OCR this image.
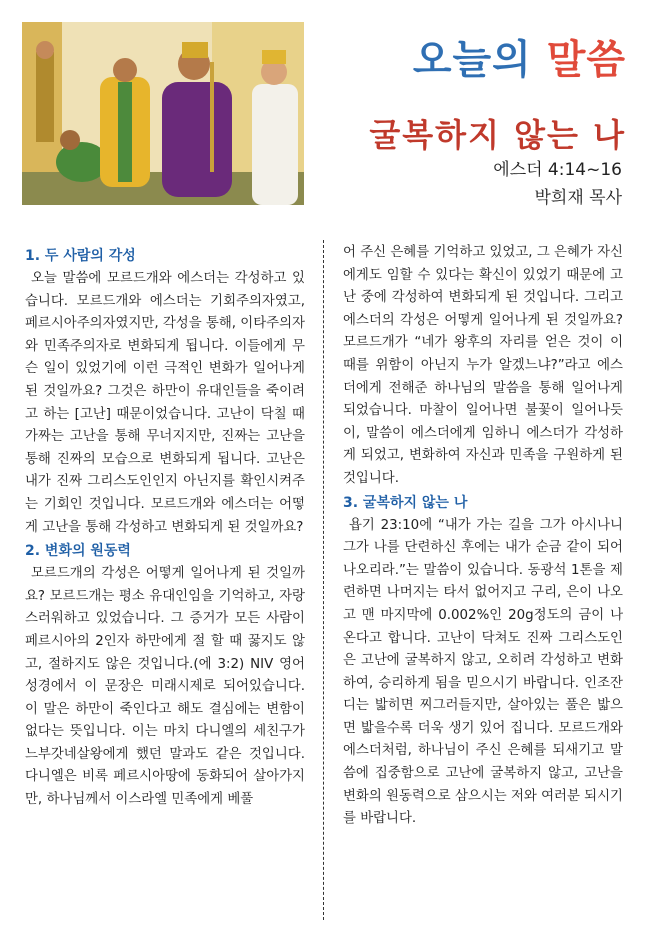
오늘의 말씀
굴복하지 않는 나
에스더 4:14~16
박희재 목사
1. 두 사람의 각성

오늘 말씀에 모르드개와 에스더는 각성하고 있습니다. 모르드개와 에스더는 기회주의자였고, 페르시아주의자였지만, 각성을 통해, 이타주의자와 민족주의자로 변화되게 됩니다. 이들에게 무슨 일이 있었기에 이런 극적인 변화가 일어나게 된 것일까요? 그것은 하만이 유대인들을 죽이려고 하는 [고난] 때문이었습니다. 고난이 닥칠 때 가짜는 고난을 통해 무너지지만, 진짜는 고난을 통해 진짜의 모습으로 변화되게 됩니다. 고난은 내가 진짜 그리스도인인지 아닌지를 확인시켜주는 기회인 것입니다. 모르드개와 에스더는 어떻게 고난을 통해 각성하고 변화되게 된 것일까요?

2. 변화의 원동력

모르드개의 각성은 어떻게 일어나게 된 것일까요? 모르드개는 평소 유대인임을 기억하고, 자랑스러워하고 있었습니다. 그 증거가 모든 사람이 페르시아의 2인자 하만에게 절 할 때 꿇지도 않고, 절하지도 않은 것입니다.(에 3:2) NIV 영어성경에서 이 문장은 미래시제로 되어있습니다. 이 말은 하만이 죽인다고 해도 결심에는 변함이 없다는 뜻입니다. 이는 마치 다니엘의 세친구가 느부갓네살왕에게 했던 말과도 같은 것입니다. 다니엘은 비록 페르시아땅에 동화되어 살아가지만, 하나님께서 이스라엘 민족에게 베풀

어 주신 은혜를 기억하고 있었고, 그 은혜가 자신에게도 임할 수 있다는 확신이 있었기 때문에 고난 중에 각성하여 변화되게 된 것입니다. 그리고 에스더의 각성은 어떻게 일어나게 된 것일까요? 모르드개가 “네가 왕후의 자리를 얻은 것이 이 때를 위함이 아닌지 누가 알겠느냐?”라고 에스더에게 전해준 하나님의 말씀을 통해 일어나게 되었습니다. 마찰이 일어나면 불꽃이 일어나듯이, 말씀이 에스더에게 임하니 에스더가 각성하게 되었고, 변화하여 자신과 민족을 구원하게 된 것입니다.

3. 굴복하지 않는 나

욥기 23:10에 “내가 가는 길을 그가 아시나니 그가 나를 단련하신 후에는 내가 순금 같이 되어 나오리라.”는 말씀이 있습니다. 동광석 1톤을 제련하면 나머지는 타서 없어지고 구리, 은이 나오고 맨 마지막에 0.002%인 20g정도의 금이 나온다고 합니다. 고난이 닥쳐도 진짜 그리스도인은 고난에 굴복하지 않고, 오히려 각성하고 변화하여, 승리하게 됨을 믿으시기 바랍니다. 인조잔디는 밟히면 찌그러들지만, 살아있는 풀은 밟으면 밟을수록 더욱 생기 있어 집니다. 모르드개와 에스더처럼, 하나님이 주신 은혜를 되새기고 말씀에 집중함으로 고난에 굴복하지 않고, 고난을 변화의 원동력으로 삼으시는 저와 여러분 되시기를 바랍니다.
